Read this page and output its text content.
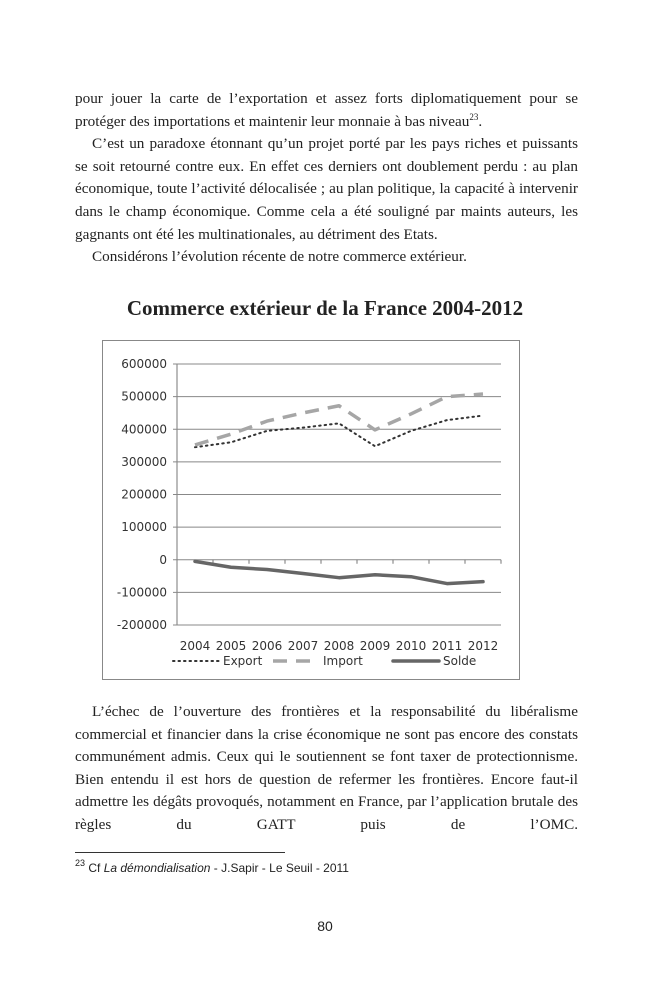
pour jouer la carte de l’exportation et assez forts diplomatiquement pour se protéger des importations et maintenir leur monnaie à bas niveau$^{23}$.

C’est un paradoxe étonnant qu’un projet porté par les pays riches et puissants se soit retourné contre eux. En effet ces derniers ont doublement perdu : au plan économique, toute l’activité délocalisée ; au plan politique, la capacité à intervenir dans le champ économique. Comme cela a été souligné par maints auteurs, les gagnants ont été les multinationales, au détriment des Etats.

Considérons l’évolution récente de notre commerce extérieur.

Commerce extérieur de la France 2004-2012
600000
500000
400000
300000
200000
100000
0
-100000
-200000
2004 2005 2006 2007 2008 2009 2010 2011 2012
Export	Import	Solde

L’échec de l’ouverture des frontières et la responsabilité du libéralisme commercial et financier dans la crise économique ne sont pas encore des constats communément admis. Ceux qui le soutiennent se font taxer de protectionnisme. Bien entendu il est hors de question de refermer les frontières. Encore faut-il admettre les dégâts provoqués, notamment en France, par l’application brutale des règles du GATT puis de l’OMC.

$^{23}$ Cf La démondialisation - J.Sapir - Le Seuil - 2011
80
